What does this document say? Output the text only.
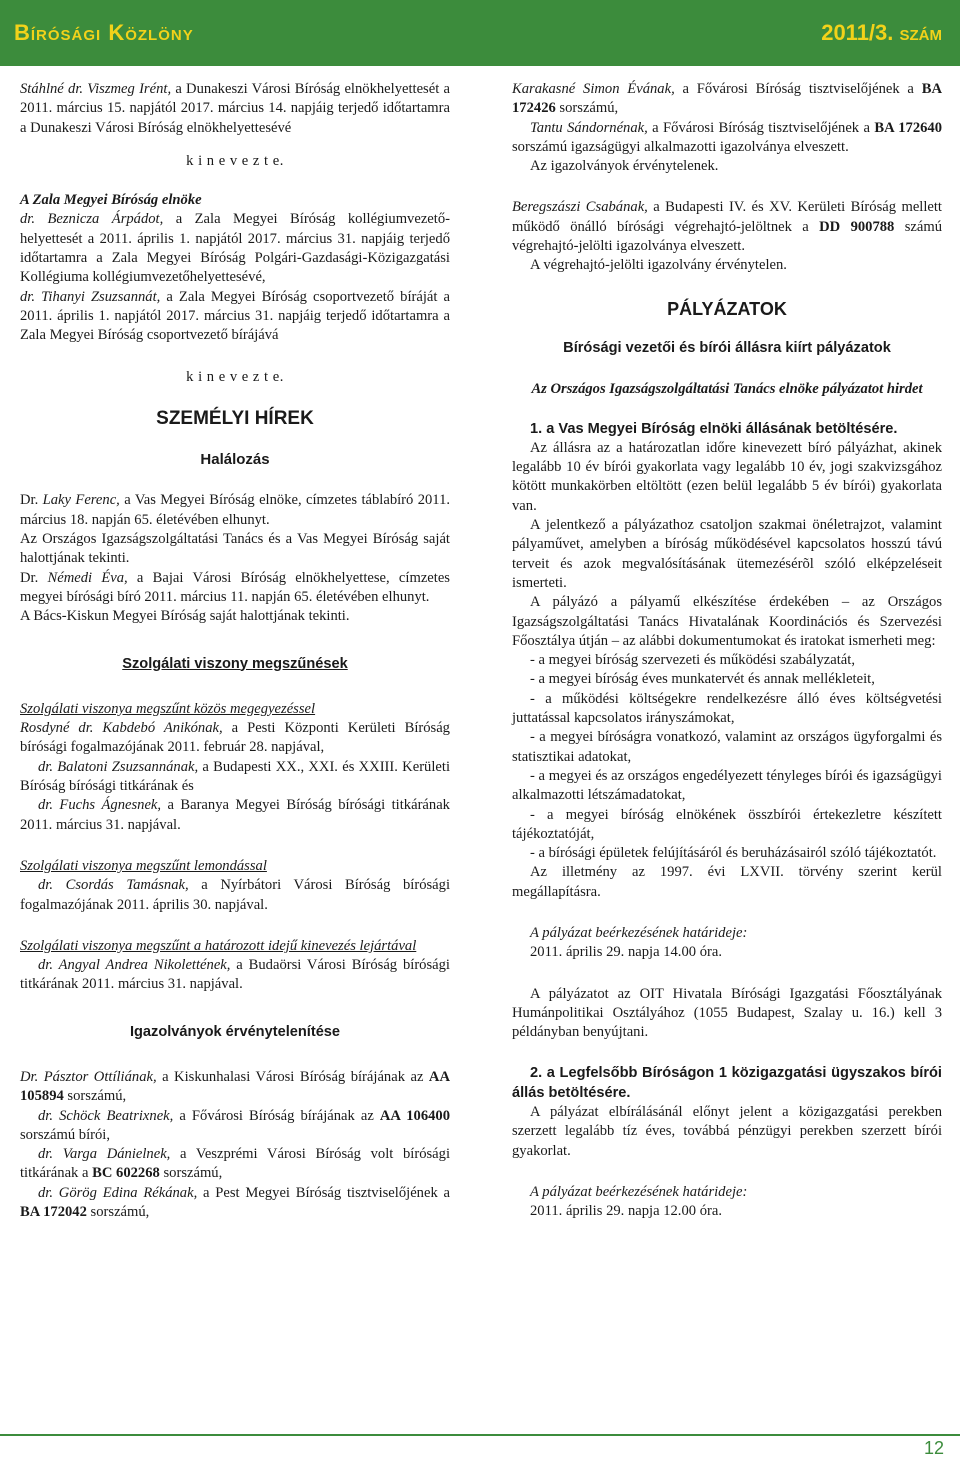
Bírósági Közlöny	2011/3. szám

Stáhlné dr. Viszmeg Irént, a Dunakeszi Városi Bíróság elnökhelyettesét a 2011. március 15. napjától 2017. március 14. napjáig terjedő időtartamra a Dunakeszi Városi Bíróság elnökhelyettesévé

k i n e v e z t e.

A Zala Megyei Bíróság elnöke

dr. Beznicza Árpádot, a Zala Megyei Bíróság kollégiumvezető-helyettesét a 2011. április 1. napjától 2017. március 31. napjáig terjedő időtartamra a Zala Megyei Bíróság Polgári-Gazdasági-Közigazgatási Kollégiuma kollégiumvezetőhelyettesévé,

dr. Tihanyi Zsuzsannát, a Zala Megyei Bíróság csoportvezető bíráját a 2011. április 1. napjától 2017. március 31. napjáig terjedő időtartamra a Zala Megyei Bíróság csoportvezető bírájává

k i n e v e z t e.

SZEMÉLYI HÍREK

Halálozás

Dr. Laky Ferenc, a Vas Megyei Bíróság elnöke, címzetes táblabíró 2011. március 18. napján 65. életévében elhunyt.

Az Országos Igazságszolgáltatási Tanács és a Vas Megyei Bíróság saját halottjának tekinti.

Dr. Némedi Éva, a Bajai Városi Bíróság elnökhelyettese, címzetes megyei bírósági bíró 2011. március 11. napján 65. életévében elhunyt.

A Bács-Kiskun Megyei Bíróság saját halottjának tekinti.

Szolgálati viszony megszűnések

Szolgálati viszonya megszűnt közös megegyezéssel

Rosdyné dr. Kabdebó Anikónak, a Pesti Központi Kerületi Bíróság bírósági fogalmazójának 2011. február 28. napjával,

dr. Balatoni Zsuzsannának, a Budapesti XX., XXI. és XXIII. Kerületi Bíróság bírósági titkárának és

dr. Fuchs Ágnesnek, a Baranya Megyei Bíróság bírósági titkárának 2011. március 31. napjával.

Szolgálati viszonya megszűnt lemondással

dr. Csordás Tamásnak, a Nyírbátori Városi Bíróság bírósági fogalmazójának 2011. április 30. napjával.

Szolgálati viszonya megszűnt a határozott idejű kinevezés lejártával

dr. Angyal Andrea Nikolettének, a Budaörsi Városi Bíróság bírósági titkárának 2011. március 31. napjával.

Igazolványok érvénytelenítése

Dr. Pásztor Ottíliának, a Kiskunhalasi Városi Bíróság bírájának az AA 105894 sorszámú,

dr. Schöck Beatrixnek, a Fővárosi Bíróság bírájának az AA 106400 sorszámú bírói,

dr. Varga Dánielnek, a Veszprémi Városi Bíróság volt bírósági titkárának a BC 602268 sorszámú,

dr. Görög Edina Rékának, a Pest Megyei Bíróság tisztviselőjének a BA 172042 sorszámú,

Karakasné Simon Évának, a Fővárosi Bíróság tisztviselőjének a BA 172426 sorszámú,

Tantu Sándornénak, a Fővárosi Bíróság tisztviselőjének a BA 172640 sorszámú igazságügyi alkalmazotti igazolványa elveszett.

Az igazolványok érvénytelenek.

Beregszászi Csabának, a Budapesti IV. és XV. Kerületi Bíróság mellett működő önálló bírósági végrehajtó-jelöltnek a DD 900788 számú végrehajtó-jelölti igazolványa elveszett.

A végrehajtó-jelölti igazolvány érvénytelen.

PÁLYÁZATOK

Bírósági vezetői és bírói állásra kiírt pályázatok

Az Országos Igazságszolgáltatási Tanács elnöke pályázatot hirdet

1. a Vas Megyei Bíróság elnöki állásának betöltésére.

Az állásra az a határozatlan időre kinevezett bíró pályázhat, akinek legalább 10 év bírói gyakorlata vagy legalább 10 év, jogi szakvizsgához kötött munkakörben eltöltött (ezen belül legalább 5 év bírói) gyakorlata van.

A jelentkező a pályázathoz csatoljon szakmai önéletrajzot, valamint pályaművet, amelyben a bíróság működésével kapcsolatos hosszú távú terveit és azok megvalósításának ütemezésérõl szóló elképzeléseit ismerteti.

A pályázó a pályamű elkészítése érdekében – az Országos Igazságszolgáltatási Tanács Hivatalának Koordinációs és Szervezési Főosztálya útján – az alábbi dokumentumokat és iratokat ismerheti meg:

- a megyei bíróság szervezeti és működési szabályzatát,

- a megyei bíróság éves munkatervét és annak mellékleteit,

- a működési költségekre rendelkezésre álló éves költségvetési juttatással kapcsolatos irányszámokat,

- a megyei bíróságra vonatkozó, valamint az országos ügyforgalmi és statisztikai adatokat,

- a megyei és az országos engedélyezett tényleges bírói és igazságügyi alkalmazotti létszámadatokat,

- a megyei bíróság elnökének összbírói értekezletre készített tájékoztatóját,

- a bírósági épületek felújításáról és beruházásairól szóló tájékoztatót.

Az illetmény az 1997. évi LXVII. törvény szerint kerül megállapításra.

A pályázat beérkezésének határideje:

2011. április 29. napja 14.00 óra.

A pályázatot az OIT Hivatala Bírósági Igazgatási Főosztályának Humánpolitikai Osztályához (1055 Budapest, Szalay u. 16.) kell 3 példányban benyújtani.

2. a Legfelsőbb Bíróságon 1 közigazgatási ügyszakos bírói állás betöltésére.

A pályázat elbírálásánál előnyt jelent a közigazgatási perekben szerzett legalább tíz éves, továbbá pénzügyi perekben szerzett bírói gyakorlat.

A pályázat beérkezésének határideje:

2011. április 29. napja 12.00 óra.

12
